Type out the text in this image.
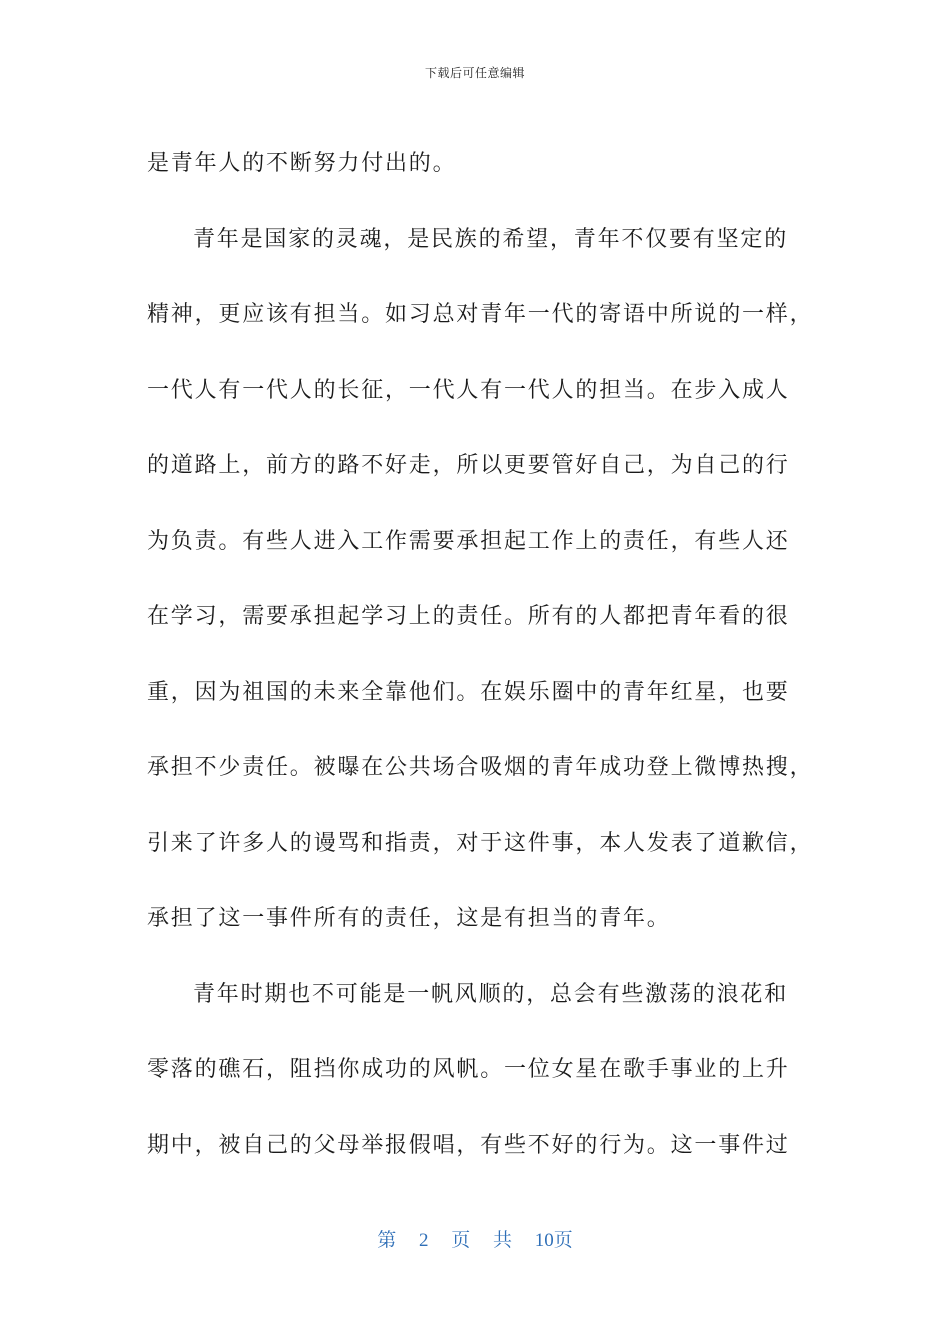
下载后可任意编辑
是青年人的不断努力付出的。
青年是国家的灵魂，是民族的希望，青年不仅要有坚定的
精神，更应该有担当。如习总对青年一代的寄语中所说的一样，
一代人有一代人的长征，一代人有一代人的担当。在步入成人
的道路上，前方的路不好走，所以更要管好自己，为自己的行
为负责。有些人进入工作需要承担起工作上的责任，有些人还
在学习，需要承担起学习上的责任。所有的人都把青年看的很
重，因为祖国的未来全靠他们。在娱乐圈中的青年红星，也要
承担不少责任。被曝在公共场合吸烟的青年成功登上微博热搜，
引来了许多人的谩骂和指责，对于这件事，本人发表了道歉信，
承担了这一事件所有的责任，这是有担当的青年。
青年时期也不可能是一帆风顺的，总会有些激荡的浪花和
零落的礁石，阻挡你成功的风帆。一位女星在歌手事业的上升
期中，被自己的父母举报假唱，有些不好的行为。这一事件过
第 2 页 共 10页
